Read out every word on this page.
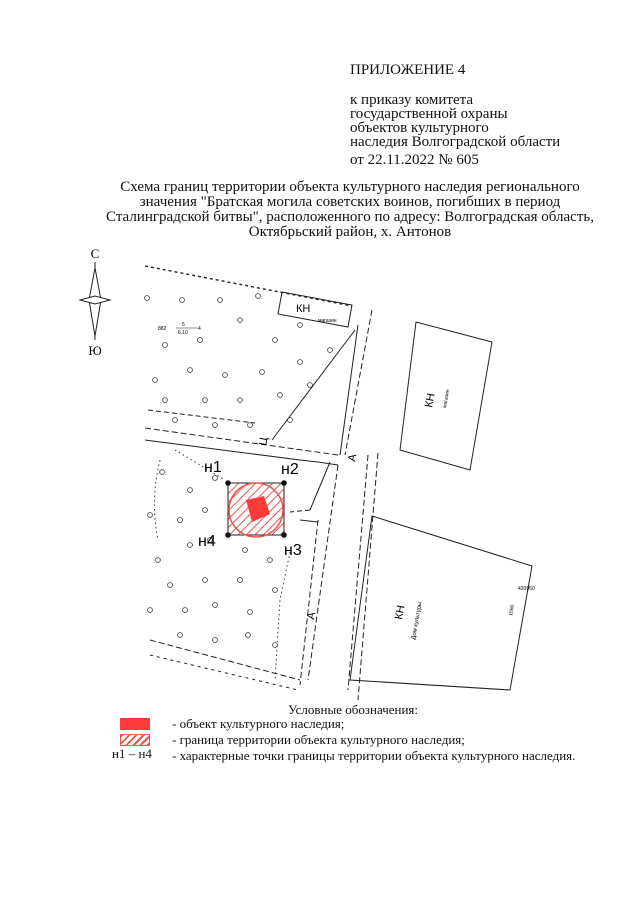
ПРИЛОЖЕНИЕ 4
к приказу комитета
государственной охраны
объектов культурного
наследия Волгоградской области
от 22.11.2022 № 605
Схема границ территории объекта культурного наследия регионального
значения "Братская могила советских воинов, погибших в период
Сталинградской битвы", расположенного по адресу: Волгоградская область,
Октябрьский район, х. Антонов
С
Ю
КН
магазин
882
5
6.10
4
Ц
А
А
КН магазин
КН Дом культуры	1590
420950
н1	н2
н3
н4
Условные обозначения:
- объект культурного наследия;
- граница территории объекта культурного наследия;
н1 – н4 - характерные точки границы территории объекта культурного наследия.
